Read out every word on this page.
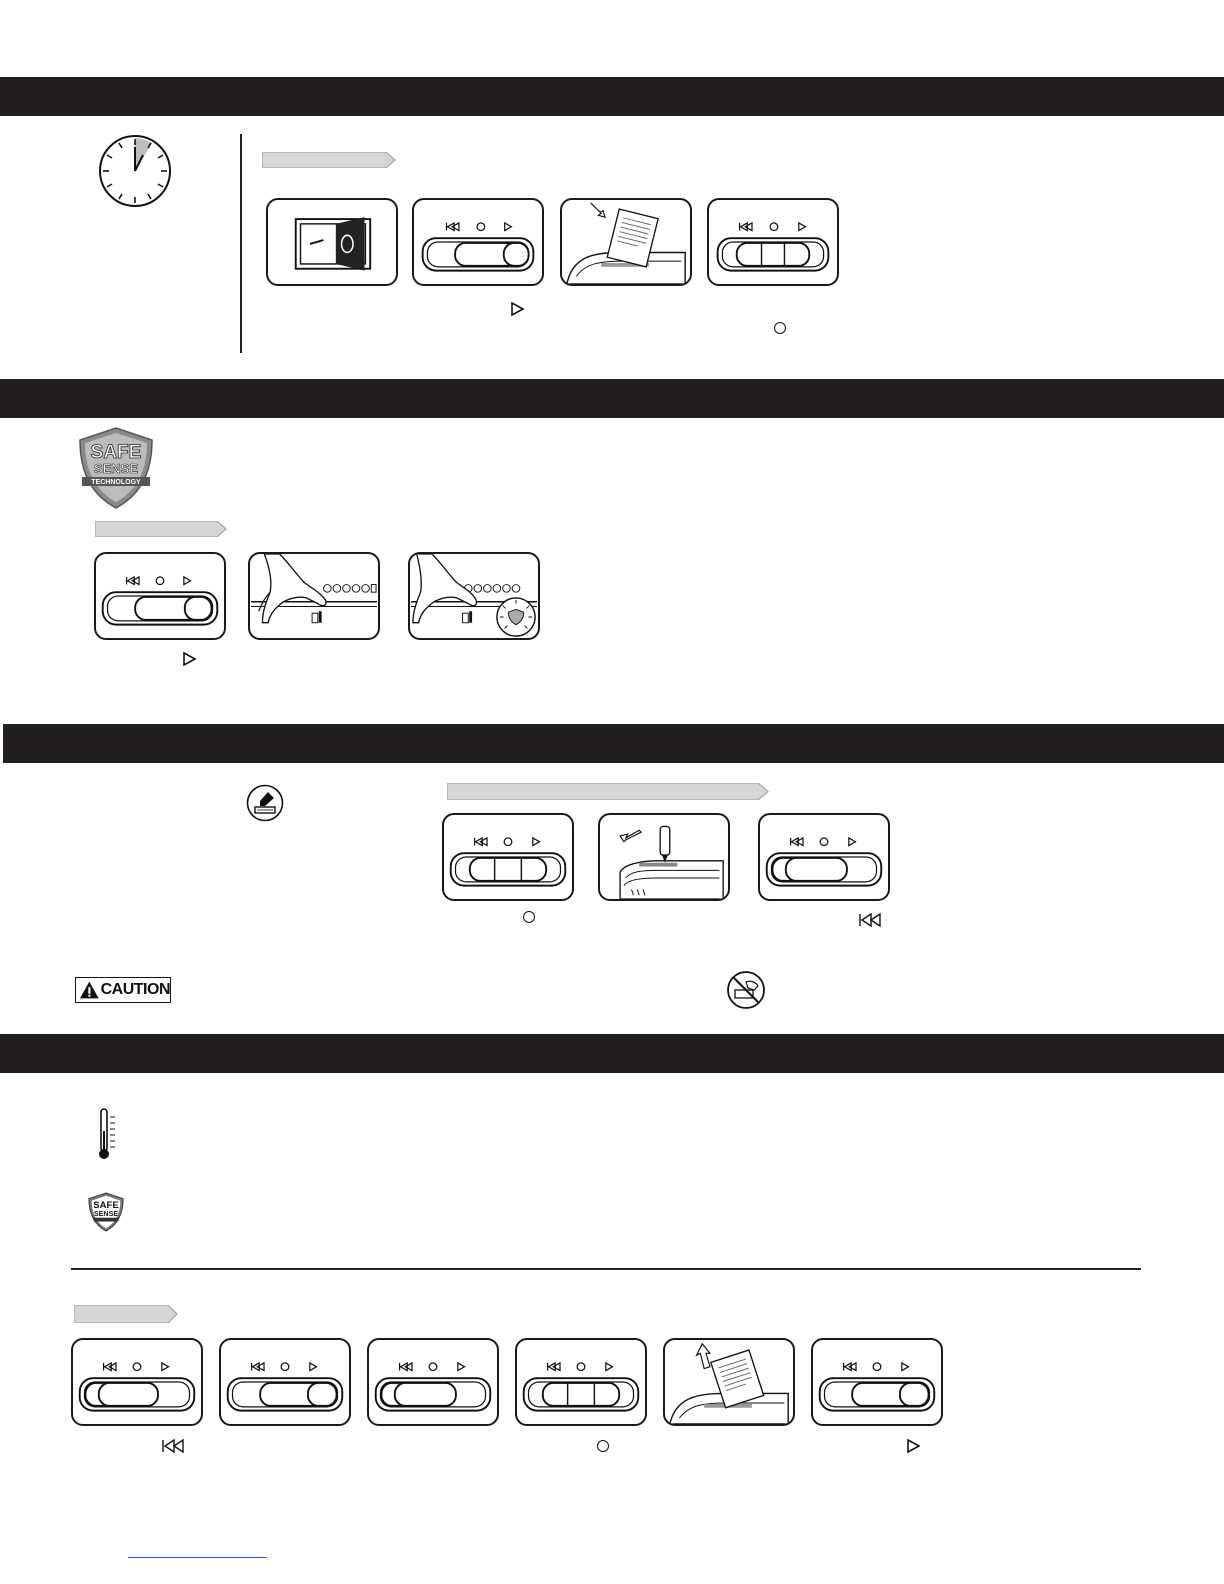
SAFE
SENSE
TECHNOLOGY
CAUTION
SAFE
SENSE
